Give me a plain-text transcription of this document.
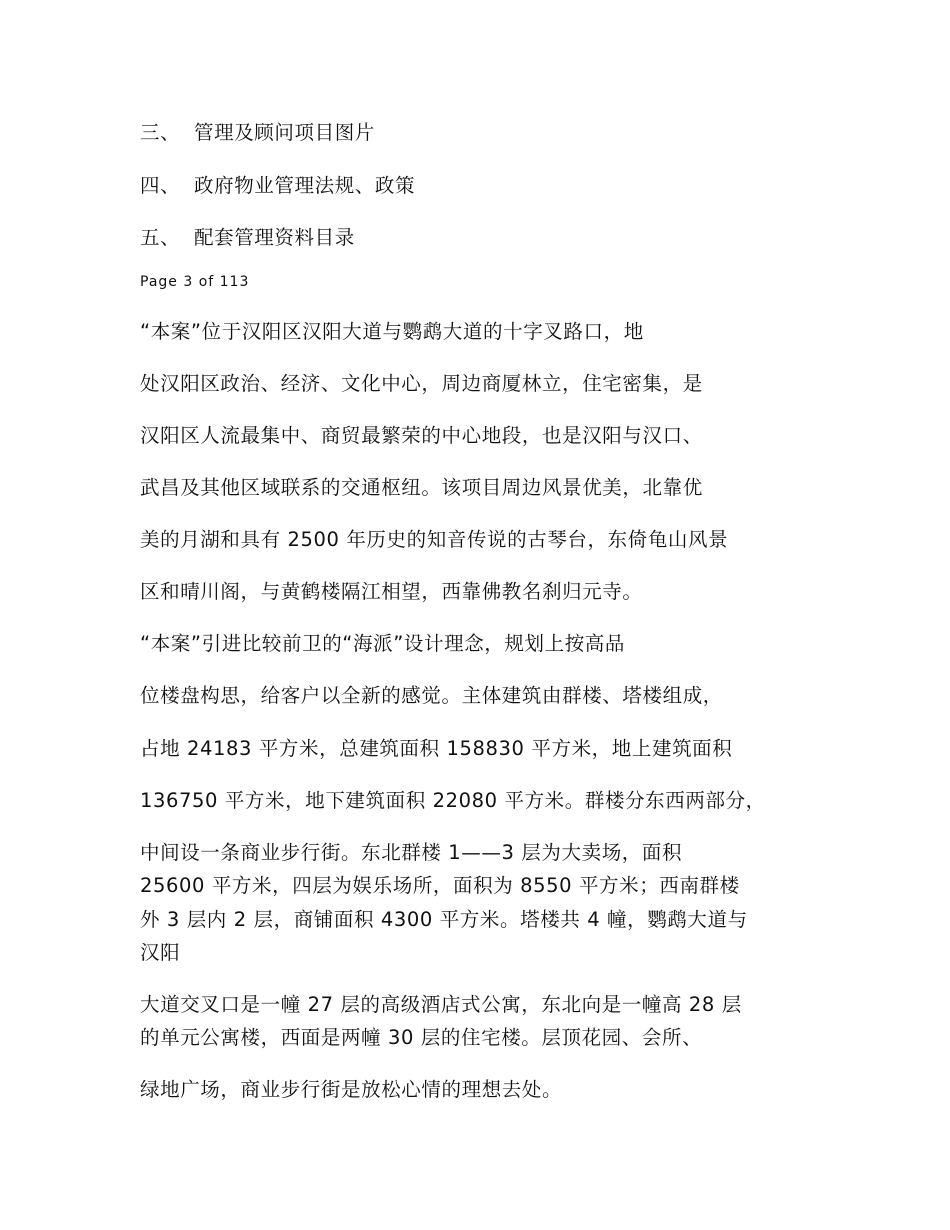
三、 管理及顾问项目图片
四、 政府物业管理法规、政策
五、 配套管理资料目录
Page 3 of 113
“本案”位于汉阳区汉阳大道与鹦鹉大道的十字叉路口，地
处汉阳区政治、经济、文化中心，周边商厦林立，住宅密集，是
汉阳区人流最集中、商贸最繁荣的中心地段，也是汉阳与汉口、
武昌及其他区域联系的交通枢纽。该项目周边风景优美，北靠优
美的月湖和具有 2500 年历史的知音传说的古琴台，东倚龟山风景
区和晴川阁，与黄鹤楼隔江相望，西靠佛教名刹归元寺。
“本案”引进比较前卫的“海派”设计理念，规划上按高品
位楼盘构思，给客户以全新的感觉。主体建筑由群楼、塔楼组成，
占地 24183 平方米，总建筑面积 158830 平方米，地上建筑面积
136750 平方米，地下建筑面积 22080 平方米。群楼分东西两部分，
中间设一条商业步行街。东北群楼 1——3 层为大卖场，面积
25600 平方米，四层为娱乐场所，面积为 8550 平方米；西南群楼
外 3 层内 2 层，商铺面积 4300 平方米。塔楼共 4 幢，鹦鹉大道与
汉阳
大道交叉口是一幢 27 层的高级酒店式公寓，东北向是一幢高 28 层
的单元公寓楼，西面是两幢 30 层的住宅楼。层顶花园、会所、
绿地广场，商业步行街是放松心情的理想去处。
